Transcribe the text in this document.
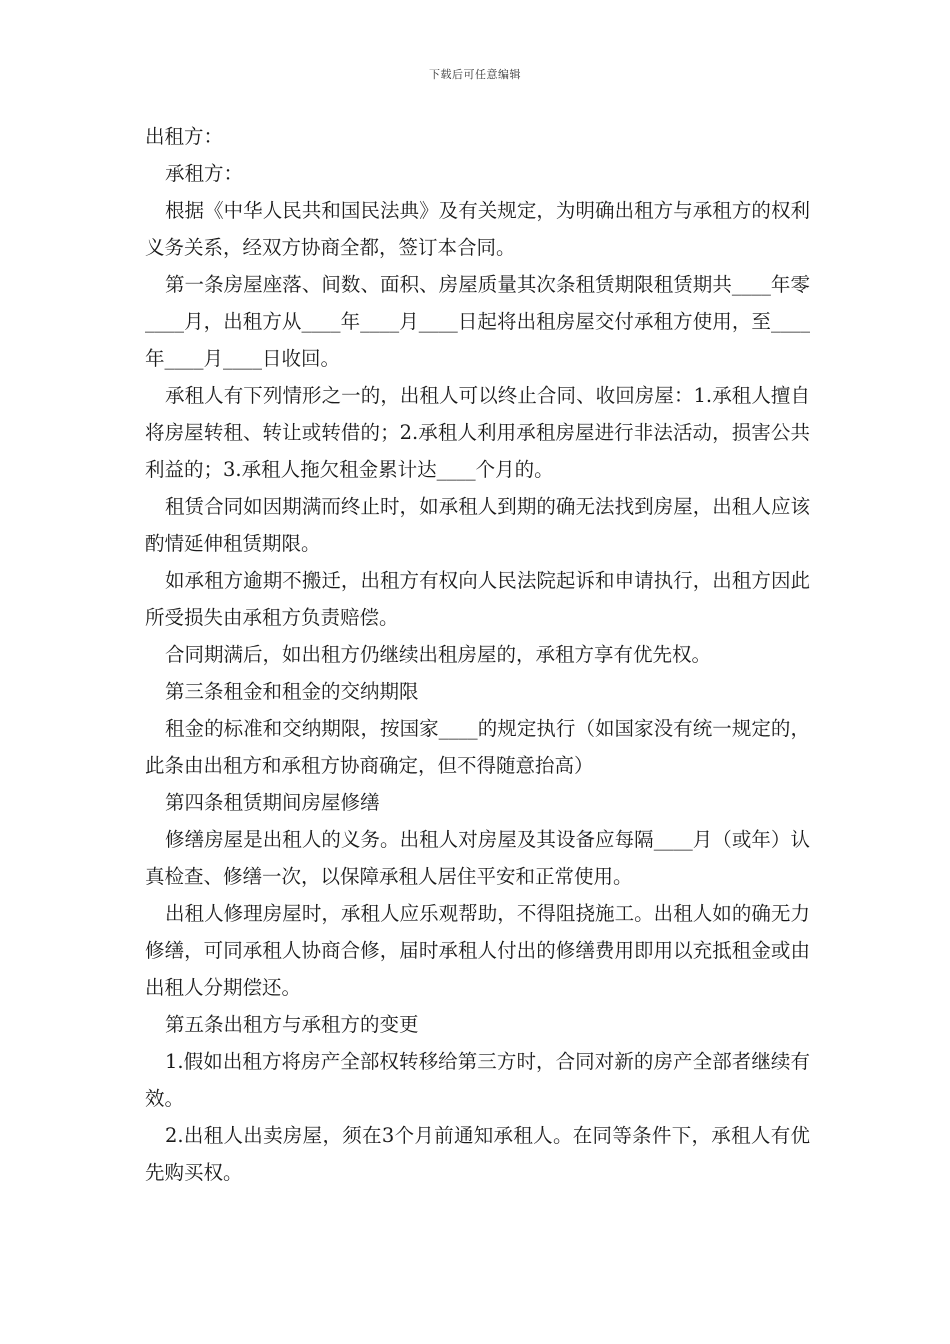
下载后可任意编辑

出租方：

承租方：

根据《中华人民共和国民法典》及有关规定，为明确出租方与承租方的权利义务关系，经双方协商全都，签订本合同。

第一条房屋座落、间数、面积、房屋质量其次条租赁期限租赁期共____年零____月，出租方从____年____月____日起将出租房屋交付承租方使用，至____年____月____日收回。

承租人有下列情形之一的，出租人可以终止合同、收回房屋：1.承租人擅自将房屋转租、转让或转借的；2.承租人利用承租房屋进行非法活动，损害公共利益的；3.承租人拖欠租金累计达____个月的。

租赁合同如因期满而终止时，如承租人到期的确无法找到房屋，出租人应该酌情延伸租赁期限。

如承租方逾期不搬迁，出租方有权向人民法院起诉和申请执行，出租方因此所受损失由承租方负责赔偿。

合同期满后，如出租方仍继续出租房屋的，承租方享有优先权。

第三条租金和租金的交纳期限

租金的标准和交纳期限，按国家____的规定执行（如国家没有统一规定的，此条由出租方和承租方协商确定，但不得随意抬高）

第四条租赁期间房屋修缮

修缮房屋是出租人的义务。出租人对房屋及其设备应每隔____月（或年）认真检查、修缮一次，以保障承租人居住平安和正常使用。

出租人修理房屋时，承租人应乐观帮助，不得阻挠施工。出租人如的确无力修缮，可同承租人协商合修，届时承租人付出的修缮费用即用以充抵租金或由出租人分期偿还。

第五条出租方与承租方的变更

1.假如出租方将房产全部权转移给第三方时，合同对新的房产全部者继续有效。

2.出租人出卖房屋，须在3个月前通知承租人。在同等条件下，承租人有优先购买权。
